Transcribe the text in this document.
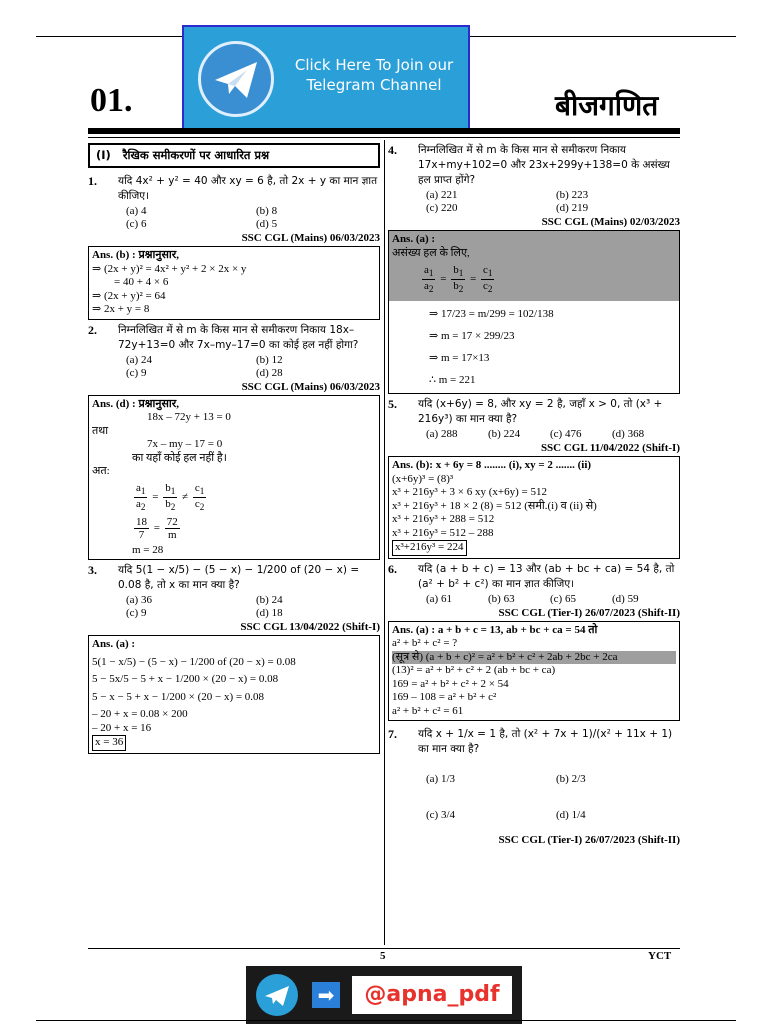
Click Here To Join our
Telegram Channel
01.	बीजगणित
(I) रैखिक समीकरणों पर आधारित प्रश्न
1.	यदि 4x² + y² = 40 और xy = 6 है, तो 2x + y का मान ज्ञात कीजिए।
(a) 4	(b) 8
(c) 6	(d) 5
SSC CGL (Mains) 06/03/2023
Ans. (b) : प्रश्नानुसार,
⇒ (2x + y)² = 4x² + y² + 2 × 2x × y
= 40 + 4 × 6
⇒ (2x + y)² = 64
⇒ 2x + y = 8
2.	निम्नलिखित में से m के किस मान से समीकरण निकाय 18x–72y+13=0 और 7x–my–17=0 का कोई हल नहीं होगा?
(a) 24	(b) 12
(c) 9	(d) 28
SSC CGL (Mains) 06/03/2023
Ans. (d) : प्रश्नानुसार,
18x – 72y + 13 = 0
तथा
7x – my – 17 = 0
का यहाँ कोई हल नहीं है।
अत:
$\frac{a_1}{a_2} = \frac{b_1}{b_2} \ne \frac{c_1}{c_2}$
$\frac{18}{7} = \frac{72}{m}$
m = 28
3.	यदि 5(1 − x/5) − (5 − x) − 1/200 of (20 − x) = 0.08 है, तो x का मान क्या है?
(a) 36	(b) 24
(c) 9	(d) 18
SSC CGL 13/04/2022 (Shift-I)
Ans. (a) :
5(1 − x/5) − (5 − x) − 1/200 of (20 − x) = 0.08
5 − 5x/5 − 5 + x − 1/200 × (20 − x) = 0.08
5 − x − 5 + x − 1/200 × (20 − x) = 0.08
– 20 + x = 0.08 × 200
– 20 + x = 16
x = 36
4.	निम्नलिखित में से m के किस मान से समीकरण निकाय 17x+my+102=0 और 23x+299y+138=0 के असंख्य हल प्राप्त होंगे?
(a) 221	(b) 223
(c) 220	(d) 219
SSC CGL (Mains) 02/03/2023
Ans. (a) :
असंख्य हल के लिए,
$\frac{a_1}{a_2} = \frac{b_1}{b_2} = \frac{c_1}{c_2}$
⇒ 17/23 = m/299 = 102/138
⇒ m = 17 × 299/23
⇒ m = 17×13
∴ m = 221
5.	यदि (x+6y) = 8, और xy = 2 है, जहाँ x > 0, तो (x³ + 216y³) का मान क्या है?
(a) 288	(b) 224	(c) 476	(d) 368
SSC CGL 11/04/2022 (Shift-I)
Ans. (b): x + 6y = 8 ........ (i), xy = 2 ....... (ii)
(x+6y)³ = (8)³
x³ + 216y³ + 3 × 6 xy (x+6y) = 512
x³ + 216y³ + 18 × 2 (8) = 512 (समी.(i) व (ii) से)
x³ + 216y³ + 288 = 512
x³ + 216y³ = 512 – 288
x³+216y³ = 224
6.	यदि (a + b + c) = 13 और (ab + bc + ca) = 54 है, तो (a² + b² + c²) का मान ज्ञात कीजिए।
(a) 61	(b) 63	(c) 65	(d) 59
SSC CGL (Tier-I) 26/07/2023 (Shift-II)
Ans. (a) : a + b + c = 13, ab + bc + ca = 54 तो
a² + b² + c² = ?
(सूत्र से) (a + b + c)² = a² + b² + c² + 2ab + 2bc + 2ca
(13)² = a² + b² + c² + 2 (ab + bc + ca)
169 = a² + b² + c² + 2 × 54
169 – 108 = a² + b² + c²
a² + b² + c² = 61
7.	यदि x + 1/x = 1 है, तो (x² + 7x + 1)/(x² + 11x + 1) का मान क्या है?
(a) 1/3	(b) 2/3
(c) 3/4	(d) 1/4
SSC CGL (Tier-I) 26/07/2023 (Shift-II)
5	YCT
➡	@apna_pdf
